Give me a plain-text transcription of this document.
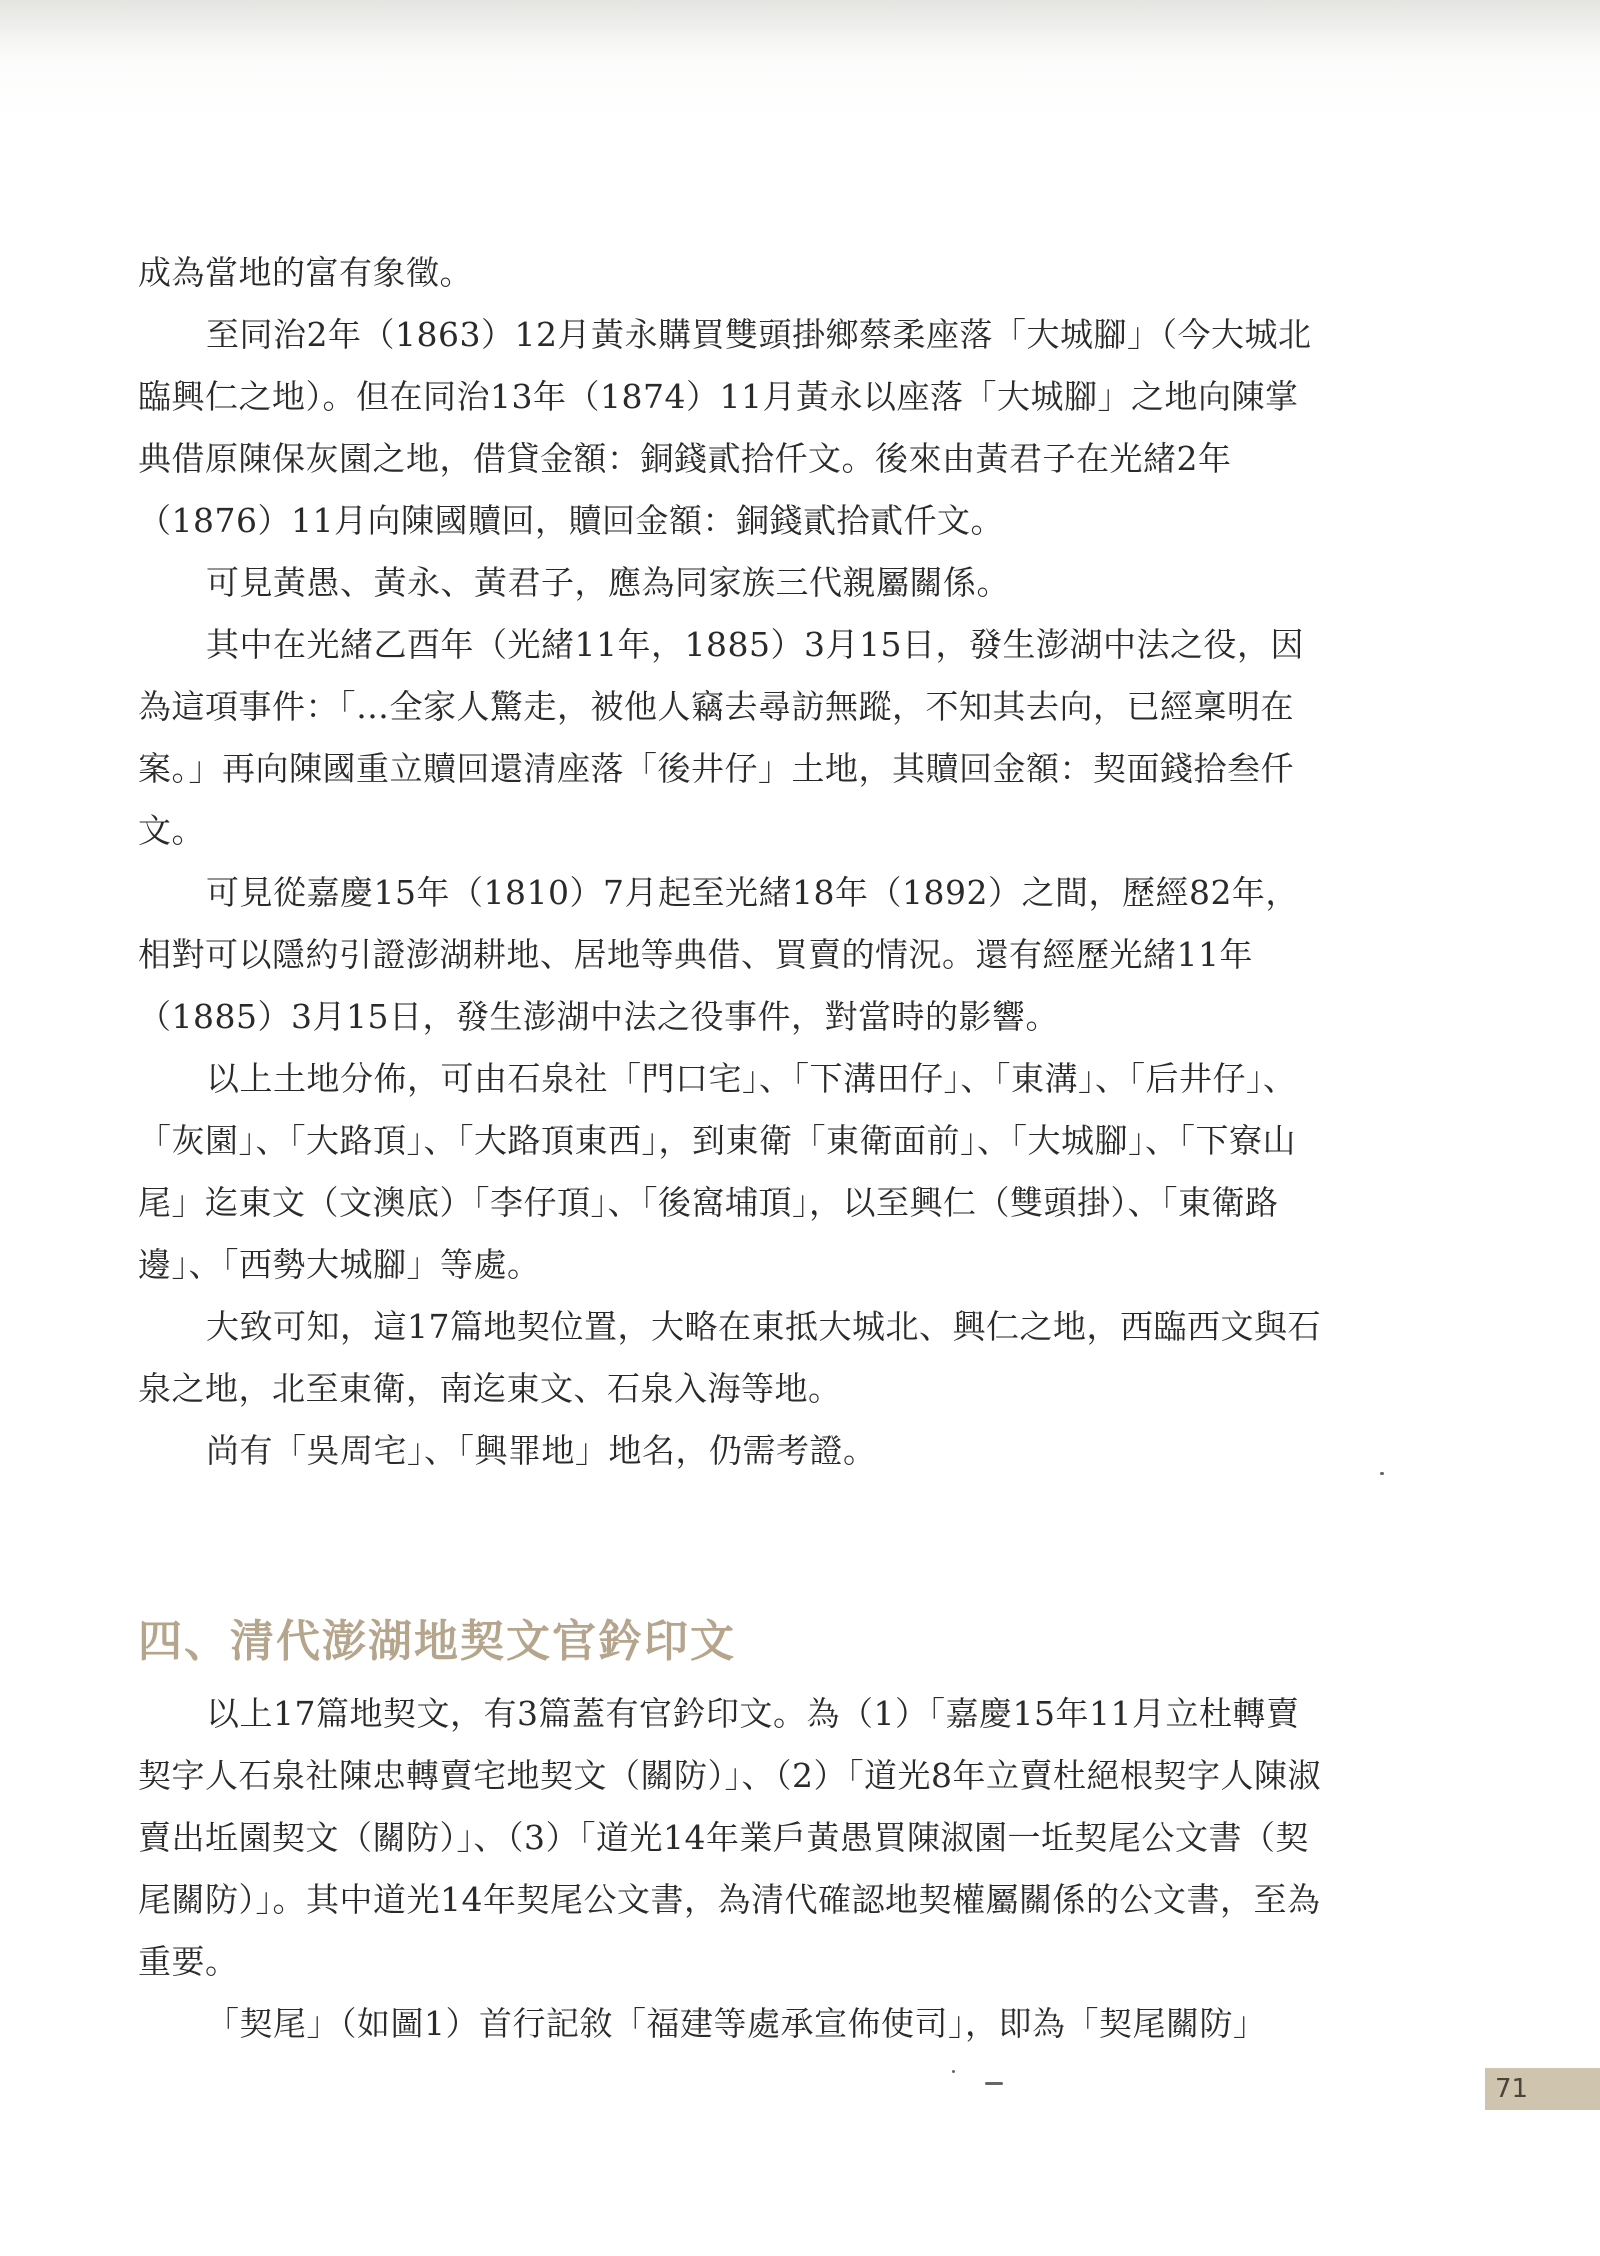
成為當地的富有象徵。

至同治2年（1863）12月黃永購買雙頭掛鄉蔡柔座落「大城腳」（今大城北臨興仁之地）。但在同治13年（1874）11月黃永以座落「大城腳」之地向陳掌典借原陳保灰園之地，借貸金額：銅錢貳拾仟文。後來由黃君子在光緒2年（1876）11月向陳國贖回，贖回金額：銅錢貳拾貳仟文。

可見黃愚、黃永、黃君子，應為同家族三代親屬關係。

其中在光緒乙酉年（光緒11年，1885）3月15日，發生澎湖中法之役，因為這項事件：「…全家人驚走，被他人竊去尋訪無蹤，不知其去向，已經稟明在案。」再向陳國重立贖回還清座落「後井仔」土地，其贖回金額：契面錢拾叁仟文。

可見從嘉慶15年（1810）7月起至光緒18年（1892）之間，歷經82年，相對可以隱約引證澎湖耕地、居地等典借、買賣的情況。還有經歷光緒11年（1885）3月15日，發生澎湖中法之役事件，對當時的影響。

以上土地分佈，可由石泉社「門口宅」、「下溝田仔」、「東溝」、「后井仔」、「灰園」、「大路頂」、「大路頂東西」，到東衛「東衛面前」、「大城腳」、「下寮山尾」迄東文（文澳底）「李仔頂」、「後窩埔頂」，以至興仁（雙頭掛）、「東衛路邊」、「西勢大城腳」等處。

大致可知，這17篇地契位置，大略在東抵大城北、興仁之地，西臨西文與石泉之地，北至東衛，南迄東文、石泉入海等地。

尚有「吳周宅」、「興罪地」地名，仍需考證。

四、清代澎湖地契文官鈐印文

以上17篇地契文，有3篇蓋有官鈐印文。為（1）「嘉慶15年11月立杜轉賣契字人石泉社陳忠轉賣宅地契文（關防）」、（2）「道光8年立賣杜絕根契字人陳淑賣出坵園契文（關防）」、（3）「道光14年業戶黃愚買陳淑園一坵契尾公文書（契尾關防）」。其中道光14年契尾公文書，為清代確認地契權屬關係的公文書，至為重要。

「契尾」（如圖1）首行記敘「福建等處承宣佈使司」，即為「契尾關防」

71
